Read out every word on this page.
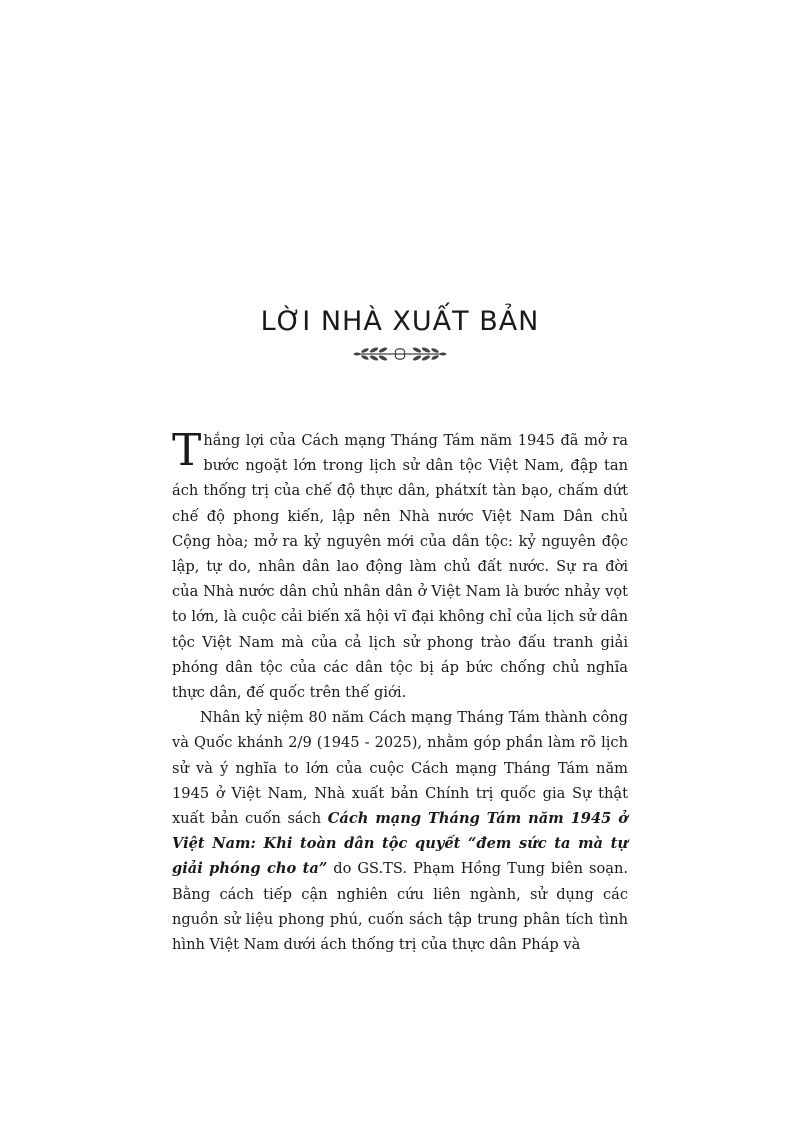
LỜI NHÀ XUẤT BẢN

Thắng lợi của Cách mạng Tháng Tám năm 1945 đã mở ra bước ngoặt lớn trong lịch sử dân tộc Việt Nam, đập tan ách thống trị của chế độ thực dân, phátxít tàn bạo, chấm dứt chế độ phong kiến, lập nên Nhà nước Việt Nam Dân chủ Cộng hòa; mở ra kỷ nguyên mới của dân tộc: kỷ nguyên độc lập, tự do, nhân dân lao động làm chủ đất nước. Sự ra đời của Nhà nước dân chủ nhân dân ở Việt Nam là bước nhảy vọt to lớn, là cuộc cải biến xã hội vĩ đại không chỉ của lịch sử dân tộc Việt Nam mà của cả lịch sử phong trào đấu tranh giải phóng dân tộc của các dân tộc bị áp bức chống chủ nghĩa thực dân, đế quốc trên thế giới.

Nhân kỷ niệm 80 năm Cách mạng Tháng Tám thành công và Quốc khánh 2/9 (1945 - 2025), nhằm góp phần làm rõ lịch sử và ý nghĩa to lớn của cuộc Cách mạng Tháng Tám năm 1945 ở Việt Nam, Nhà xuất bản Chính trị quốc gia Sự thật xuất bản cuốn sách Cách mạng Tháng Tám năm 1945 ở Việt Nam: Khi toàn dân tộc quyết “đem sức ta mà tự giải phóng cho ta” do GS.TS. Phạm Hồng Tung biên soạn. Bằng cách tiếp cận nghiên cứu liên ngành, sử dụng các nguồn sử liệu phong phú, cuốn sách tập trung phân tích tình hình Việt Nam dưới ách thống trị của thực dân Pháp và
